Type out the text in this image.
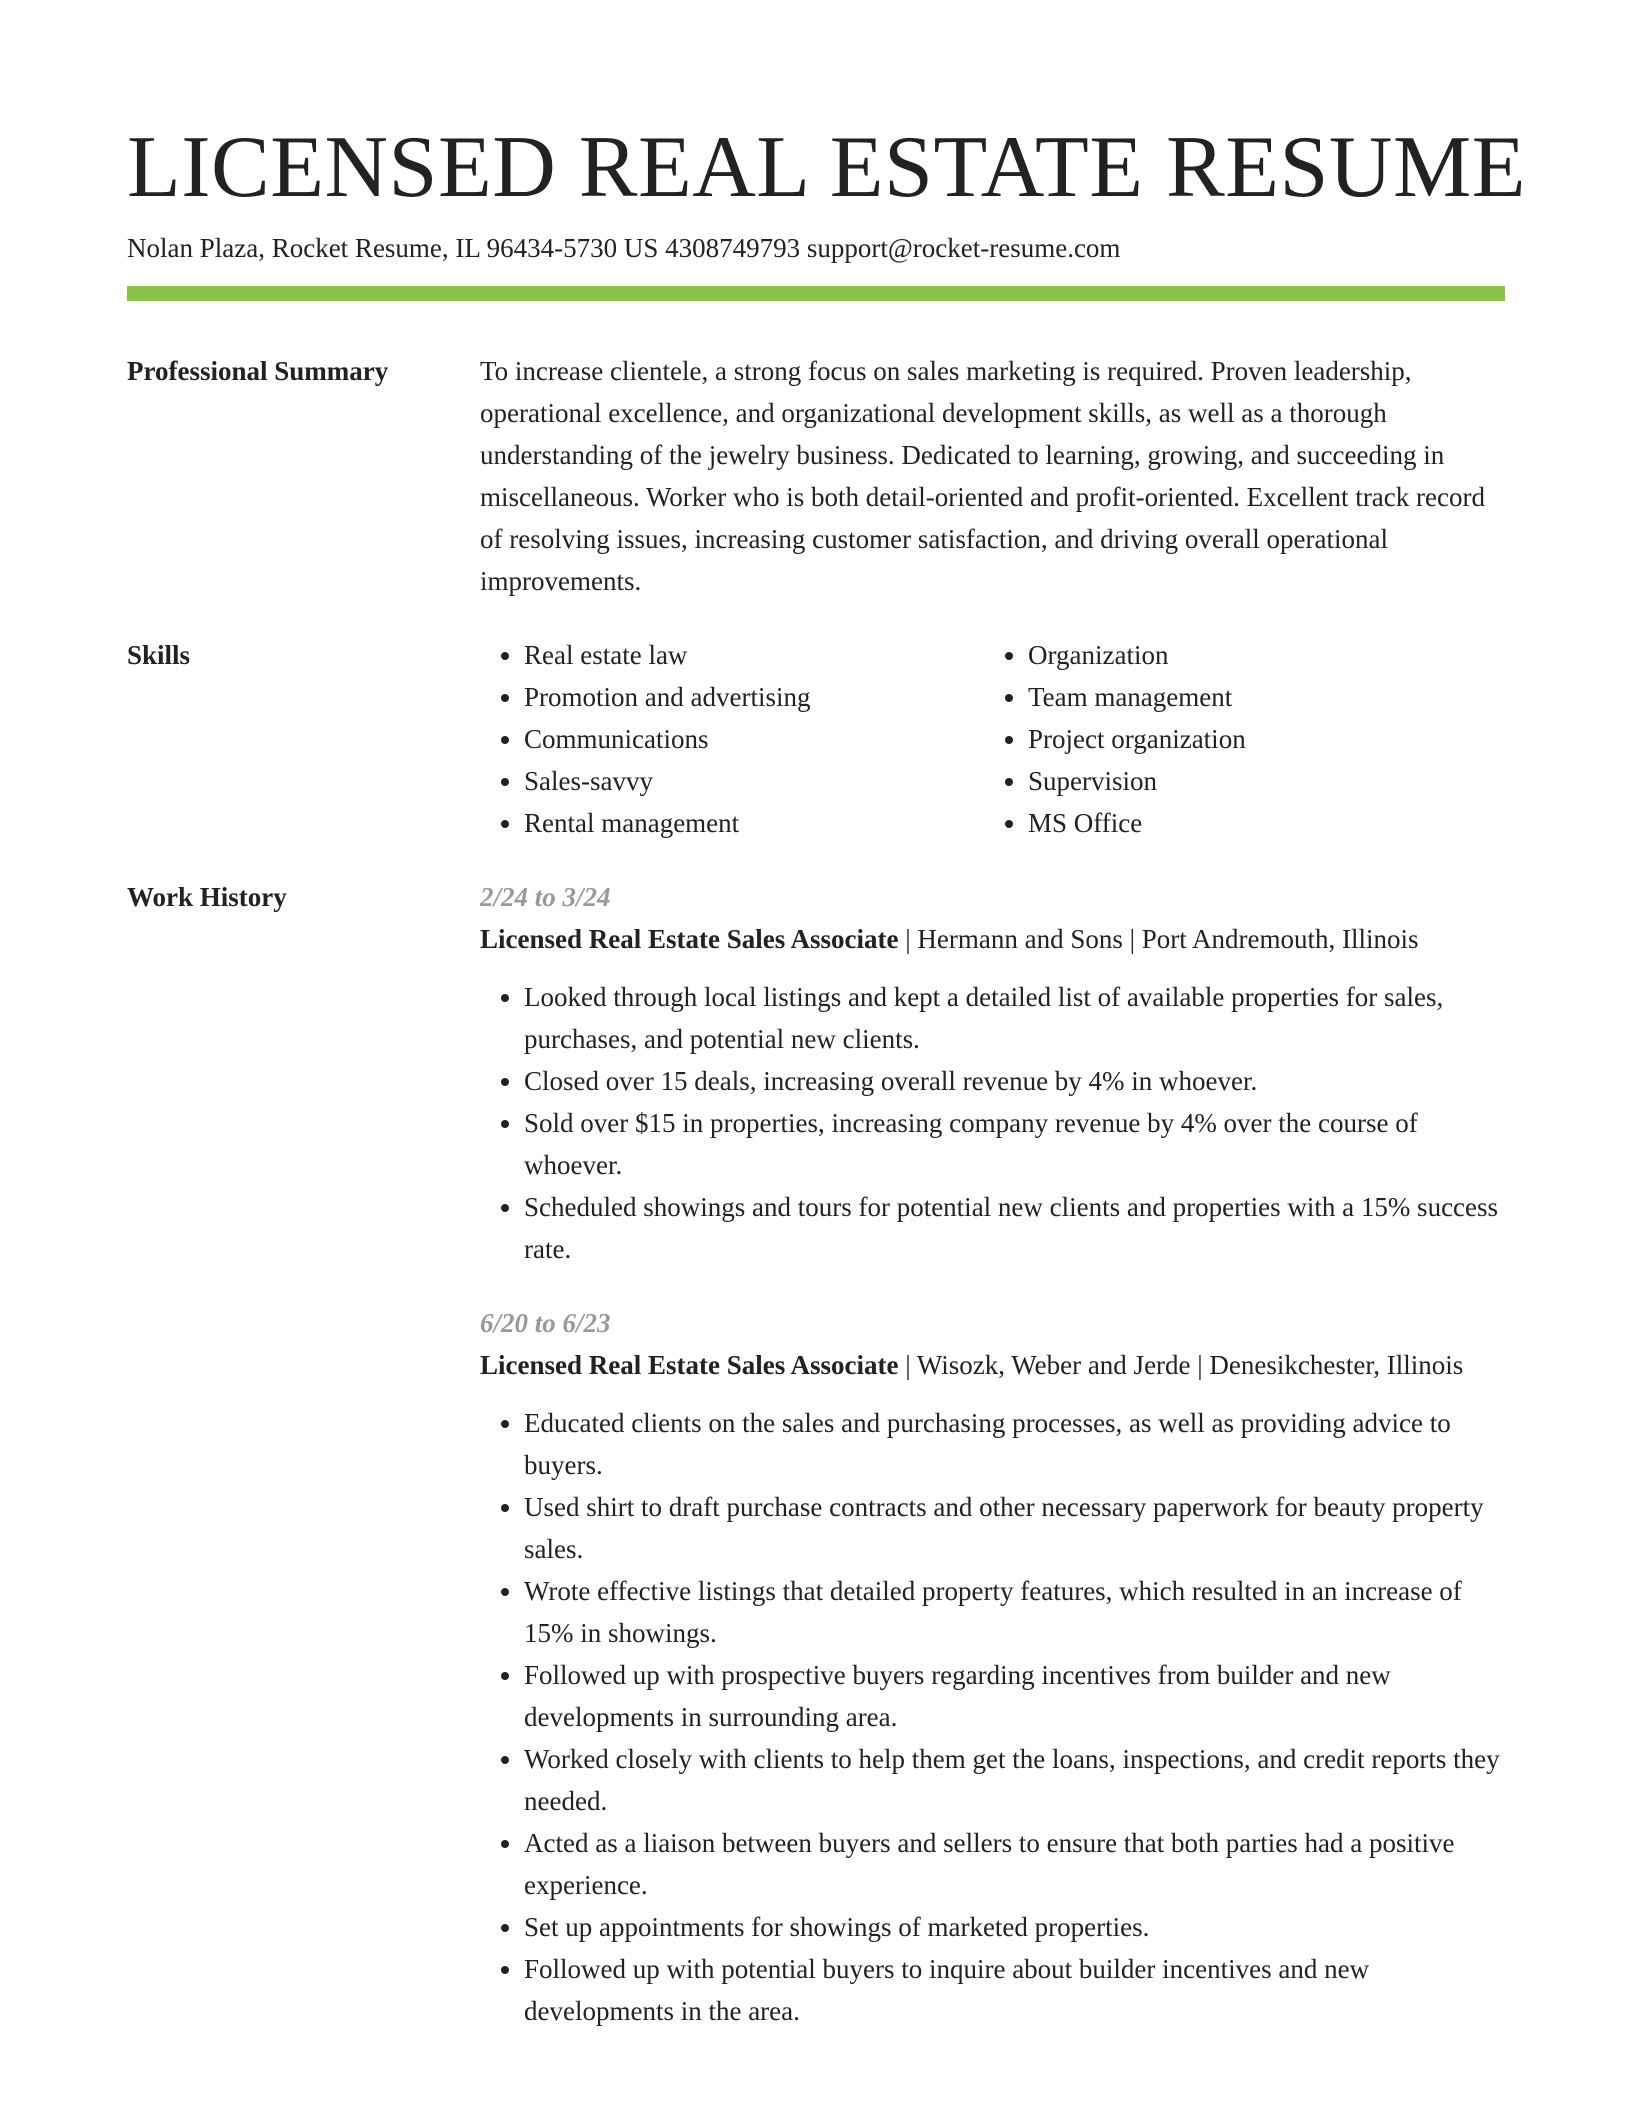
LICENSED REAL ESTATE RESUME
Nolan Plaza, Rocket Resume, IL 96434-5730 US 4308749793 support@rocket-resume.com
Professional Summary	To increase clientele, a strong focus on sales marketing is required. Proven leadership, operational excellence, and organizational development skills, as well as a thorough understanding of the jewelry business. Dedicated to learning, growing, and succeeding in miscellaneous. Worker who is both detail-oriented and profit-oriented. Excellent track record of resolving issues, increasing customer satisfaction, and driving overall operational improvements.

Skills
•	Real estate law
• Promotion and advertising
• Communications
• Sales-savvy
• Rental management
• Organization
• Team management
• Project organization
• Supervision
• MS Office
Work History	2/24 to 3/24
Licensed Real Estate Sales Associate | Hermann and Sons | Port Andremouth, Illinois
• Looked through local listings and kept a detailed list of available properties for sales, purchases, and potential new clients.
• Closed over 15 deals, increasing overall revenue by 4% in whoever.
• Sold over $15 in properties, increasing company revenue by 4% over the course of whoever.
• Scheduled showings and tours for potential new clients and properties with a 15% success rate.
6/20 to 6/23
Licensed Real Estate Sales Associate | Wisozk, Weber and Jerde | Denesikchester, Illinois
• Educated clients on the sales and purchasing processes, as well as providing advice to buyers.
• Used shirt to draft purchase contracts and other necessary paperwork for beauty property sales.
• Wrote effective listings that detailed property features, which resulted in an increase of 15% in showings.
• Followed up with prospective buyers regarding incentives from builder and new developments in surrounding area.
• Worked closely with clients to help them get the loans, inspections, and credit reports they needed.
• Acted as a liaison between buyers and sellers to ensure that both parties had a positive experience.
• Set up appointments for showings of marketed properties.
• Followed up with potential buyers to inquire about builder incentives and new developments in the area.
